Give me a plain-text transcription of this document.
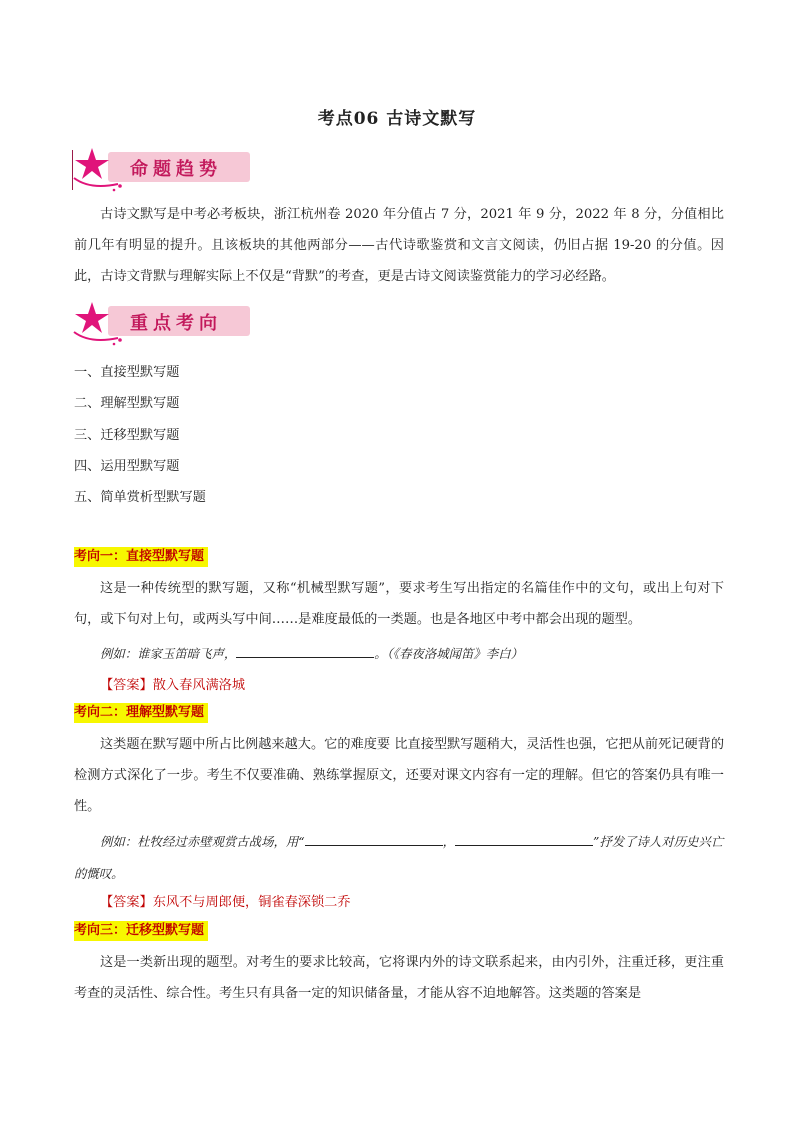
考点06 古诗文默写
命题趋势

古诗文默写是中考必考板块，浙江杭州卷 2020 年分值占 7 分，2021 年 9 分，2022 年 8 分，分值相比前几年有明显的提升。且该板块的其他两部分——古代诗歌鉴赏和文言文阅读，仍旧占据 19-20 的分值。因此，古诗文背默与理解实际上不仅是“背默”的考查，更是古诗文阅读鉴赏能力的学习必经路。

重点考向
一、直接型默写题
二、理解型默写题
三、迁移型默写题
四、运用型默写题
五、简单赏析型默写题
考向一：直接型默写题

这是一种传统型的默写题，又称“机械型默写题”，要求考生写出指定的名篇佳作中的文句，或出上句对下句，或下句对上句，或两头写中间……是难度最低的一类题。也是各地区中考中都会出现的题型。

例如：谁家玉笛暗飞声，	。（《春夜洛城闻笛》李白）
【答案】散入春风满洛城
考向二：理解型默写题

这类题在默写题中所占比例越来越大。它的难度要 比直接型默写题稍大，灵活性也强，它把从前死记硬背的检测方式深化了一步。考生不仅要准确、熟练掌握原文，还要对课文内容有一定的理解。但它的答案仍具有唯一性。

例如：杜牧经过赤壁观赏古战场，用“	，	”抒发了诗人对历史兴亡的慨叹。

【答案】东风不与周郎便，铜雀春深锁二乔
考向三：迁移型默写题

这是一类新出现的题型。对考生的要求比较高，它将课内外的诗文联系起来，由内引外，注重迁移，更注重考查的灵活性、综合性。考生只有具备一定的知识储备量，才能从容不迫地解答。这类题的答案是
